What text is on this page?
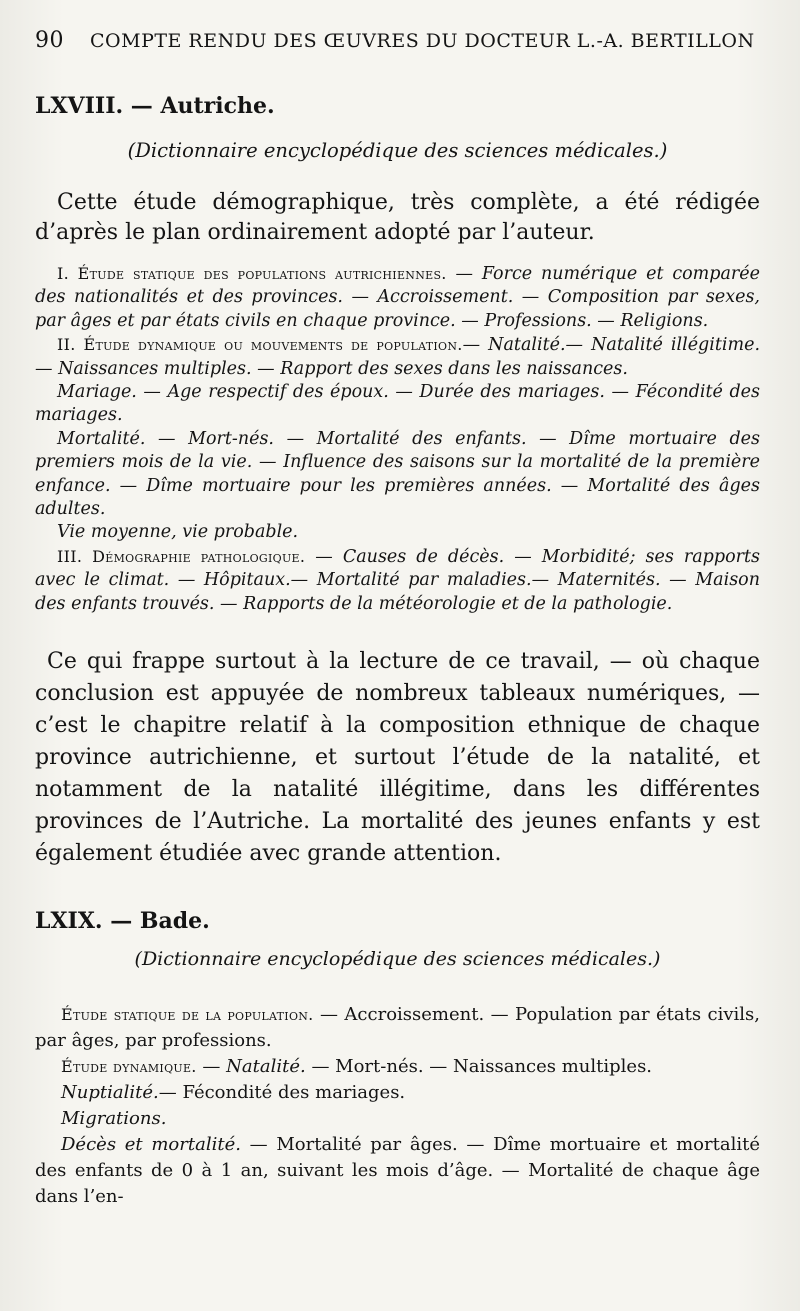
90 COMPTE RENDU DES ŒUVRES DU DOCTEUR L.-A. BERTILLON
LXVIII. — Autriche.
(Dictionnaire encyclopédique des sciences médicales.)
Cette étude démographique, très complète, a été rédigée d’après le plan ordinairement adopté par l’auteur.

I. Étude statique des populations autrichiennes. — Force numérique et comparée des nationalités et des provinces. — Accroissement. — Composition par sexes, par âges et par états civils en chaque province. — Professions. — Religions.

II. Étude dynamique ou mouvements de population.— Natalité.— Natalité illégitime. — Naissances multiples. — Rapport des sexes dans les naissances.

Mariage. — Age respectif des époux. — Durée des mariages. — Fécondité des mariages.

Mortalité. — Mort-nés. — Mortalité des enfants. — Dîme mortuaire des premiers mois de la vie. — Influence des saisons sur la mortalité de la première enfance. — Dîme mortuaire pour les premières années. — Mortalité des âges adultes.

Vie moyenne, vie probable.

III. Démographie pathologique. — Causes de décès. — Morbidité; ses rapports avec le climat. — Hôpitaux.— Mortalité par maladies.— Maternités. — Maison des enfants trouvés. — Rapports de la météorologie et de la pathologie.

Ce qui frappe surtout à la lecture de ce travail, — où chaque conclusion est appuyée de nombreux tableaux numériques, — c’est le chapitre relatif à la composition ethnique de chaque province autrichienne, et surtout l’étude de la natalité, et notamment de la natalité illégitime, dans les différentes provinces de l’Autriche. La mortalité des jeunes enfants y est également étudiée avec grande attention.
LXIX. — Bade.
(Dictionnaire encyclopédique des sciences médicales.)

Étude statique de la population. — Accroissement. — Population par états civils, par âges, par professions.

Étude dynamique. — Natalité. — Mort-nés. — Naissances multiples.

Nuptialité.— Fécondité des mariages.

Migrations.

Décès et mortalité. — Mortalité par âges. — Dîme mortuaire et mortalité des enfants de 0 à 1 an, suivant les mois d’âge. — Mortalité de chaque âge dans l’en-
